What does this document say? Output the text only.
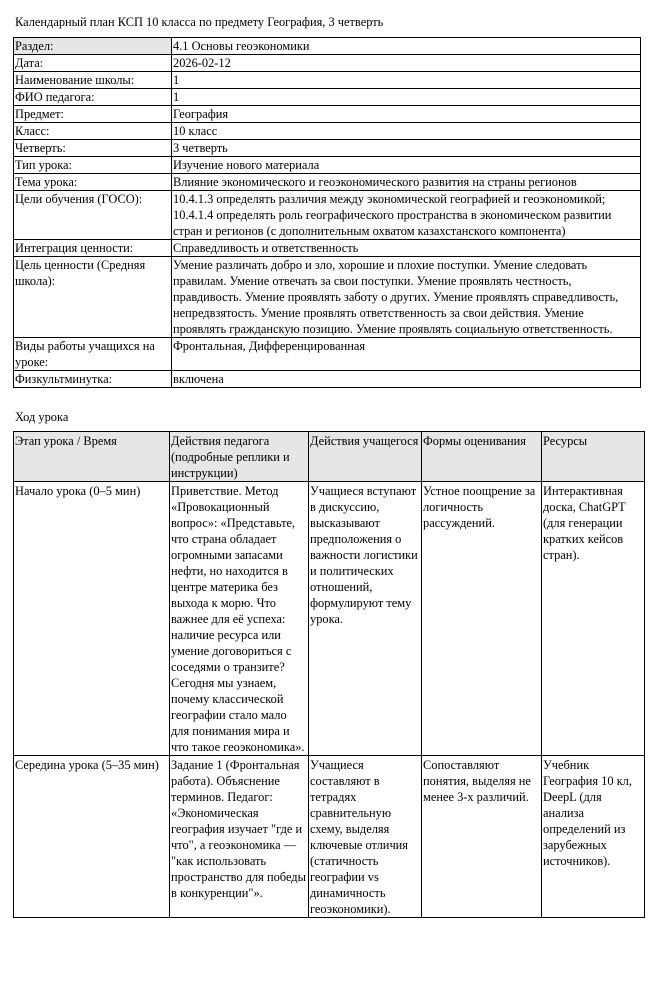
Календарный план КСП 10 класса по предмету География, 3 четверть
Раздел:	4.1 Основы геоэкономики
Дата:	2026-02-12
Наименование школы:	1
ФИО педагога:	1
Предмет:	География
Класс:	10 класс
Четверть:	3 четверть
Тип урока:	Изучение нового материала
Тема урока:	Влияние экономического и геоэкономического развития на страны регионов
Цели обучения (ГОСО):	10.4.1.3 определять различия между экономической географией и геоэкономикой; 10.4.1.4 определять роль географического пространства в экономическом развитии стран и регионов (с дополнительным охватом казахстанского компонента)
Интеграция ценности:	Справедливость и ответственность
Цель ценности (Средняя школа):	Умение различать добро и зло, хорошие и плохие поступки. Умение следовать правилам. Умение отвечать за свои поступки. Умение проявлять честность, правдивость. Умение проявлять заботу о других. Умение проявлять справедливость, непредвзятость. Умение проявлять ответственность за свои действия. Умение проявлять гражданскую позицию. Умение проявлять социальную ответственность.
Виды работы учащихся на уроке:	Фронтальная, Дифференцированная
Физкультминутка:	включена
Ход урока
Этап урока / Время	Действия педагога (подробные реплики и инструкции)	Действия учащегося	Формы оценивания	Ресурсы
Начало урока (0–5 мин)	Приветствие. Метод «Провокационный вопрос»: «Представьте, что страна обладает огромными запасами нефти, но находится в центре материка без выхода к морю. Что важнее для её успеха: наличие ресурса или умение договориться с соседями о транзите? Сегодня мы узнаем, почему классической географии стало мало для понимания мира и что такое геоэкономика».	Учащиеся вступают в дискуссию, высказывают предположения о важности логистики и политических отношений, формулируют тему урока.	Устное поощрение за логичность рассуждений.	Интерактивная доска, ChatGPT (для генерации кратких кейсов стран).
Середина урока (5–35 мин)	Задание 1 (Фронтальная работа). Объяснение терминов. Педагог: «Экономическая география изучает "где и что", а геоэкономика — "как использовать пространство для победы в конкуренции"».	Учащиеся составляют в тетрадях сравнительную схему, выделяя ключевые отличия (статичность географии vs динамичность геоэкономики).	Сопоставляют понятия, выделяя не менее 3-х различий.	Учебник География 10 кл, DeepL (для анализа определений из зарубежных источников).
